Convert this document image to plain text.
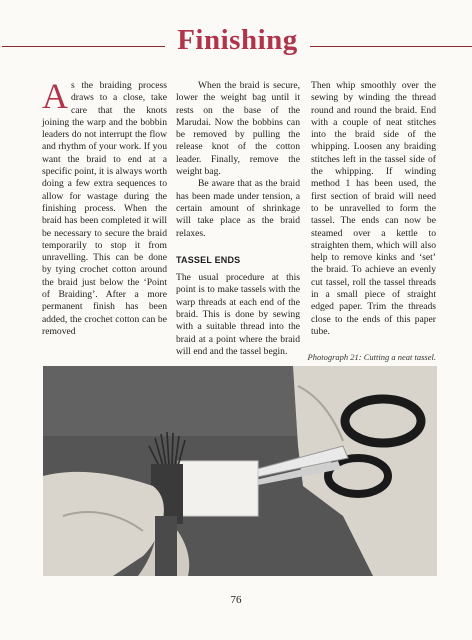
Finishing

As the braiding process draws to a close, take care that the knots joining the warp and the bobbin leaders do not interrupt the flow and rhythm of your work. If you want the braid to end at a specific point, it is always worth doing a few extra sequences to allow for wastage during the finishing process. When the braid has been completed it will be necessary to secure the braid temporarily to stop it from unravelling. This can be done by tying crochet cotton around the braid just below the ‘Point of Braiding’. After a more permanent finish has been added, the crochet cotton can be removed

When the braid is secure, lower the weight bag until it rests on the base of the Marudai. Now the bobbins can be removed by pulling the release knot of the cotton leader. Finally, remove the weight bag.

Be aware that as the braid has been made under tension, a certain amount of shrinkage will take place as the braid relaxes.

TASSEL ENDS

The usual procedure at this point is to make tassels with the warp threads at each end of the braid. This is done by sewing with a suitable thread into the braid at a point where the braid will end and the tassel begin.

Then whip smoothly over the sewing by winding the thread round and round the braid. End with a couple of neat stitches into the braid side of the whipping. Loosen any braiding stitches left in the tassel side of the whipping. If winding method 1 has been used, the first section of braid will need to be unravelled to form the tassel. The ends can now be steamed over a kettle to straighten them, which will also help to remove kinks and ‘set’ the braid. To achieve an evenly cut tassel, roll the tassel threads in a small piece of straight edged paper. Trim the threads close to the ends of this paper tube.

Photograph 21: Cutting a neat tassel.
76
